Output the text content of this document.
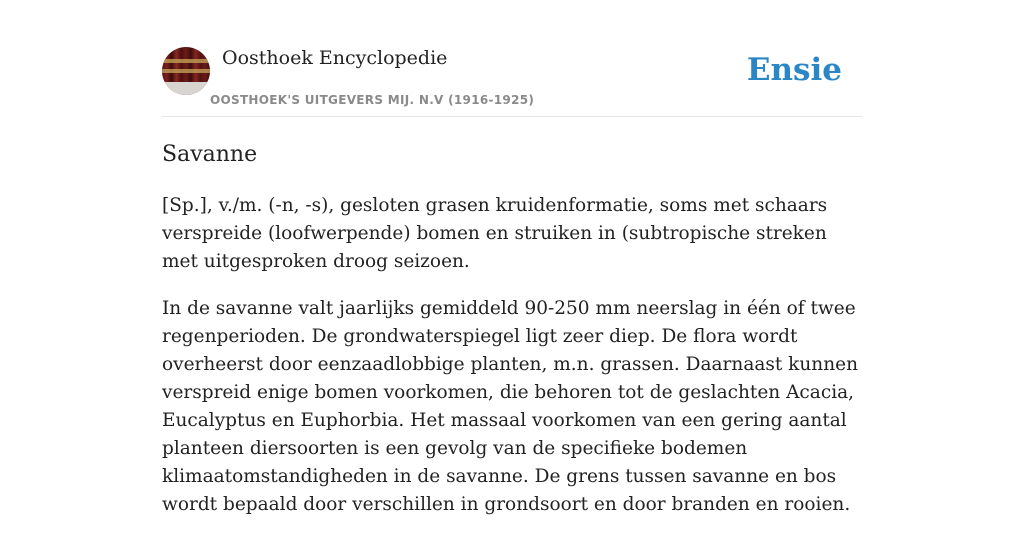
Oosthoek Encyclopedie
OOSTHOEK'S UITGEVERS MIJ. N.V (1916-1925)
Ensie
Savanne

[Sp.], v./m. (-n, -s), gesloten grasen kruidenformatie, soms met schaars verspreide (loofwerpende) bomen en struiken in (subtropische streken met uitgesproken droog seizoen.

In de savanne valt jaarlijks gemiddeld 90-250 mm neerslag in één of twee regenperioden. De grondwaterspiegel ligt zeer diep. De flora wordt overheerst door eenzaadlobbige planten, m.n. grassen. Daarnaast kunnen verspreid enige bomen voorkomen, die behoren tot de geslachten Acacia, Eucalyptus en Euphorbia. Het massaal voorkomen van een gering aantal planteen diersoorten is een gevolg van de specifieke bodemen klimaatomstandigheden in de savanne. De grens tussen savanne en bos wordt bepaald door verschillen in grondsoort en door branden en rooien.
